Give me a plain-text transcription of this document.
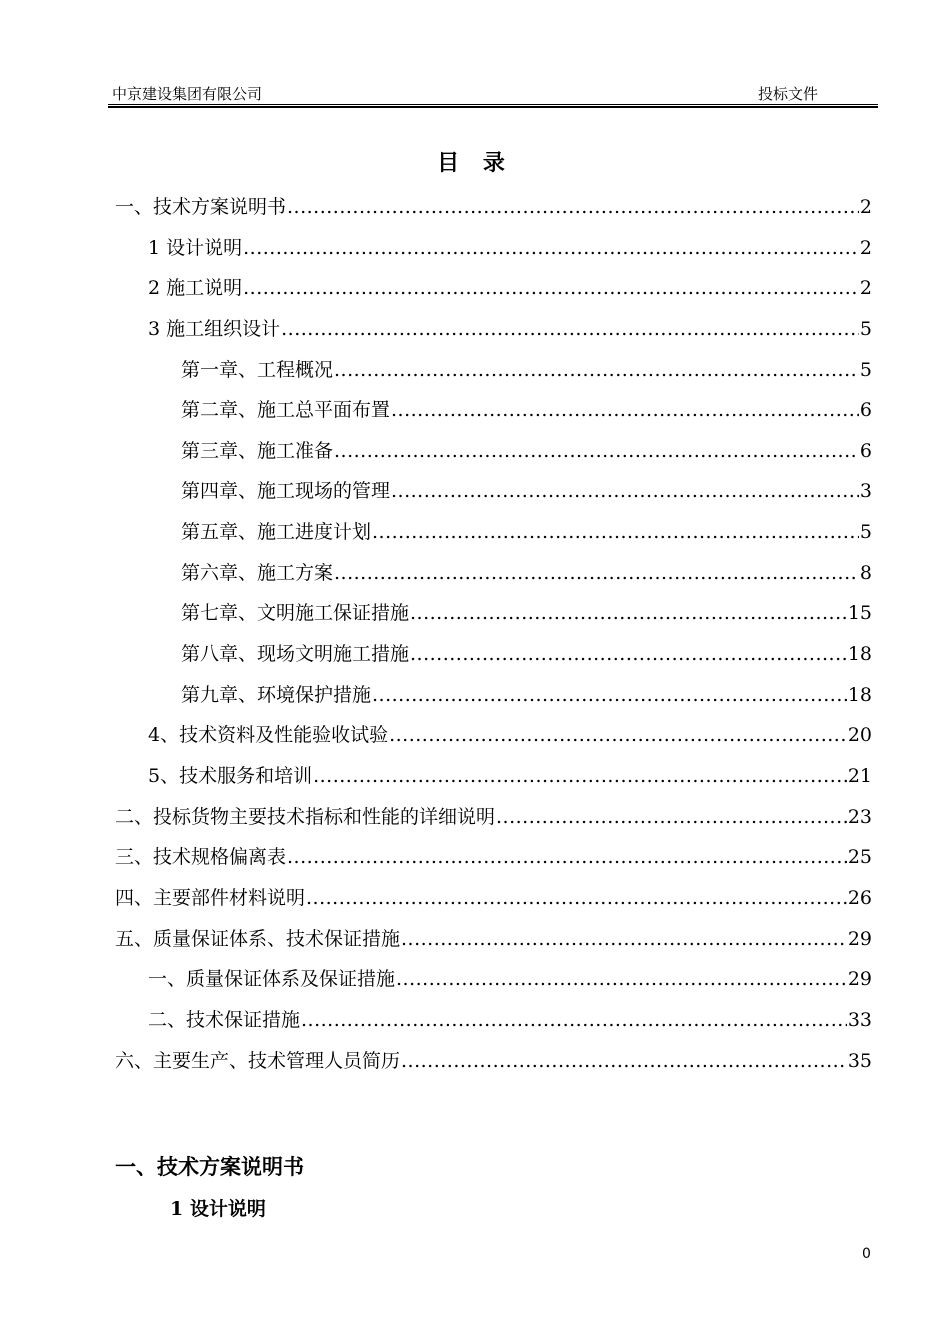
中京建设集团有限公司	投标文件
目 录
一、技术方案说明书 .....	2
1 设计说明 .....	2
2 施工说明 .....	2
3 施工组织设计 .....	5
第一章、工程概况 .....	5
第二章、施工总平面布置 .....	6
第三章、施工准备 .....	6
第四章、施工现场的管理 .....	3
第五章、施工进度计划 .....	5
第六章、施工方案 .....	8
第七章、文明施工保证措施 .....	15
第八章、现场文明施工措施 .....	18
第九章、环境保护措施 .....	18
4、技术资料及性能验收试验 .....	20
5、技术服务和培训 .....	21
二、投标货物主要技术指标和性能的详细说明 .....	23
三、技术规格偏离表 .....	25
四、主要部件材料说明 .....	26
五、质量保证体系、技术保证措施 .....	29
一、质量保证体系及保证措施 .....	29
二、技术保证措施 .....	33
六、主要生产、技术管理人员简历 .....	35
一、技术方案说明书
1 设计说明
0
